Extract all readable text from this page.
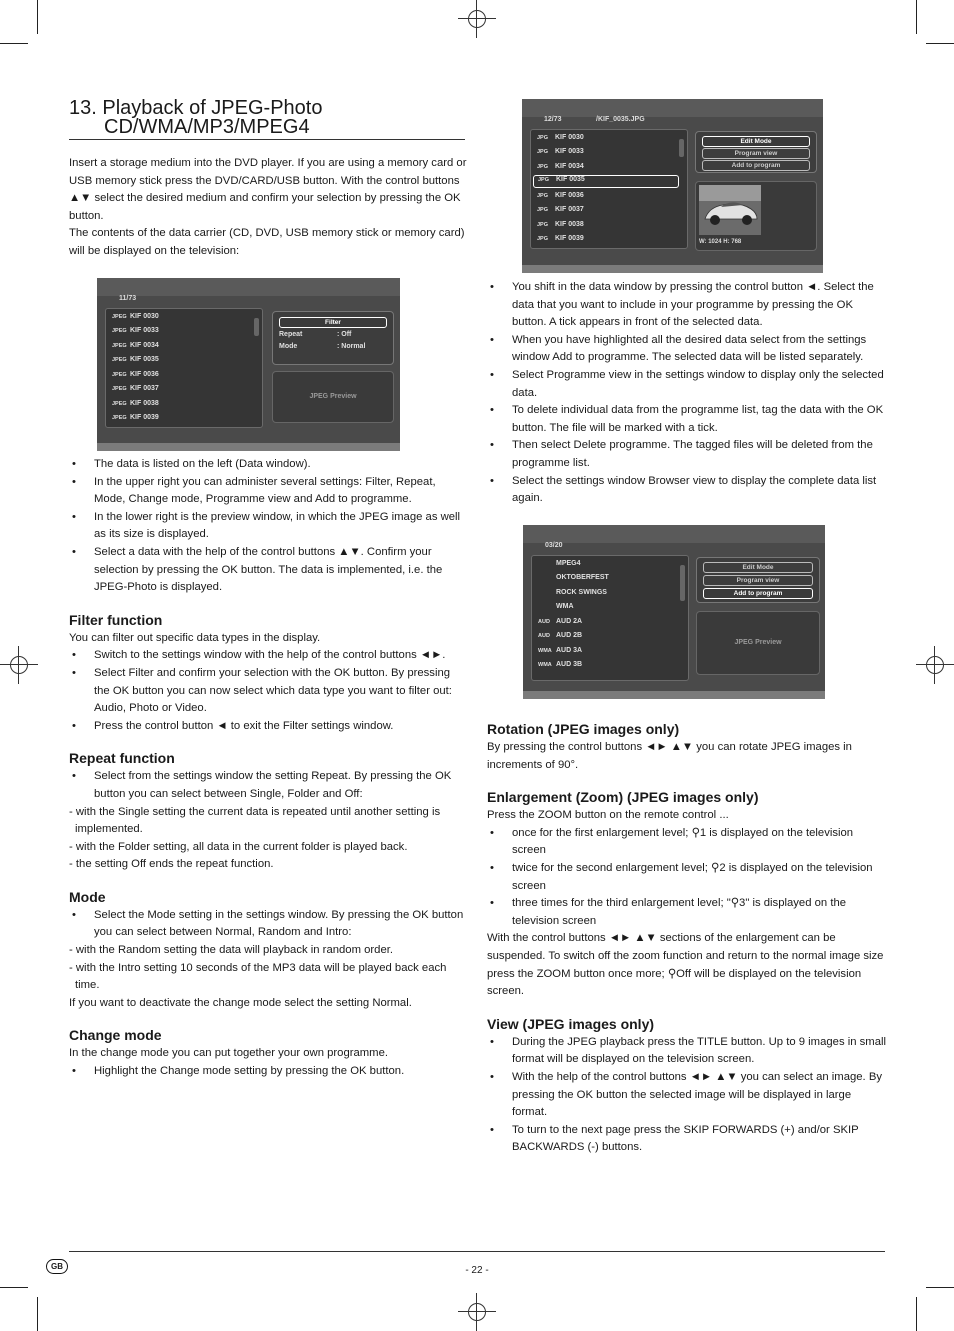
13. Playback of JPEG-Photo
CD/WMA/MP3/MPEG4

Insert a storage medium into the DVD player. If you are using a memory card or USB memory stick press the DVD/CARD/USB button. With the control buttons ▲▼ select the desired medium and confirm your selection by pressing the OK button.

The contents of the data carrier (CD, DVD, USB memory stick or memory card) will be displayed on the television:

11/73
JPEG KIF 0030
JPEG KIF 0033
JPEG KIF 0034
JPEG KIF 0035
JPEG KIF 0036
JPEG KIF 0037
JPEG KIF 0038
JPEG KIF 0039
Filter
Repeat	: Off
Mode	: Normal
JPEG Preview
• The data is listed on the left (Data window).
• In the upper right you can administer several settings: Filter, Repeat, Mode, Change mode, Programme view and Add to programme.
• In the lower right is the preview window, in which the JPEG image as well as its size is displayed.
• Select a data with the help of the control buttons ▲▼. Confirm your selection by pressing the OK button. The data is implemented, i.e. the JPEG-Photo is displayed.
Filter function

You can filter out specific data types in the display.

• Switch to the settings window with the help of the control buttons ◄►.
• Select Filter and confirm your selection with the OK button. By pressing the OK button you can now select which data type you want to filter out: Audio, Photo or Video.
• Press the control button ◄ to exit the Filter settings window.
Repeat function
• Select from the settings window the setting Repeat. By pressing the OK button you can select between Single, Folder and Off:

- with the Single setting the current data is repeated until another setting is implemented.

- with the Folder setting, all data in the current folder is played back.

- the setting Off ends the repeat function.

Mode
• Select the Mode setting in the settings window. By pressing the OK button you can select between Normal, Random and Intro:

- with the Random setting the data will playback in random order.

- with the Intro setting 10 seconds of the MP3 data will be played back each time.

If you want to deactivate the change mode select the setting Normal.

Change mode

In the change mode you can put together your own programme.

• Highlight the Change mode setting by pressing the OK button.
12/73	/KIF_0035.JPG
JPG KIF 0030
JPG KIF 0033
JPG KIF 0034
JPG KIF 0035
JPG KIF 0036
JPG KIF 0037
JPG KIF 0038
JPG KIF 0039
Edit Mode
Program view
Add to program
W: 1024 H: 768
• You shift in the data window by pressing the control button ◄. Select the data that you want to include in your programme by pressing the OK button. A tick appears in front of the selected data.
• When you have highlighted all the desired data select from the settings window Add to programme. The selected data will be listed separately.
• Select Programme view in the settings window to display only the selected data.
• To delete individual data from the programme list, tag the data with the OK button. The file will be marked with a tick.
• Then select Delete programme. The tagged files will be deleted from the programme list.
• Select the settings window Browser view to display the complete data list again.
03/20
MPEG4
OKTOBERFEST
ROCK SWINGS
WMA
AUD AUD 2A
AUD AUD 2B
WMA AUD 3A
WMA AUD 3B
Edit Mode
Program view
Add to program
JPEG Preview
Rotation (JPEG images only)

By pressing the control buttons ◄► ▲▼ you can rotate JPEG images in increments of 90°.

Enlargement (Zoom) (JPEG images only)

Press the ZOOM button on the remote control ...

• once for the first enlargement level; ⚲1 is displayed on the television screen
• twice for the second enlargement level; ⚲2 is displayed on the television screen
• three times for the third enlargement level; "⚲3" is displayed on the television screen

With the control buttons ◄► ▲▼ sections of the enlargement can be suspended. To switch off the zoom function and return to the normal image size press the ZOOM button once more; ⚲Off will be displayed on the television screen.

View (JPEG images only)
• During the JPEG playback press the TITLE button. Up to 9 images in small format will be displayed on the television screen.
• With the help of the control buttons ◄► ▲▼ you can select an image. By pressing the OK button the selected image will be displayed in large format.
• To turn to the next page press the SKIP FORWARDS (+) and/or SKIP BACKWARDS (-) buttons.
GB	- 22 -
